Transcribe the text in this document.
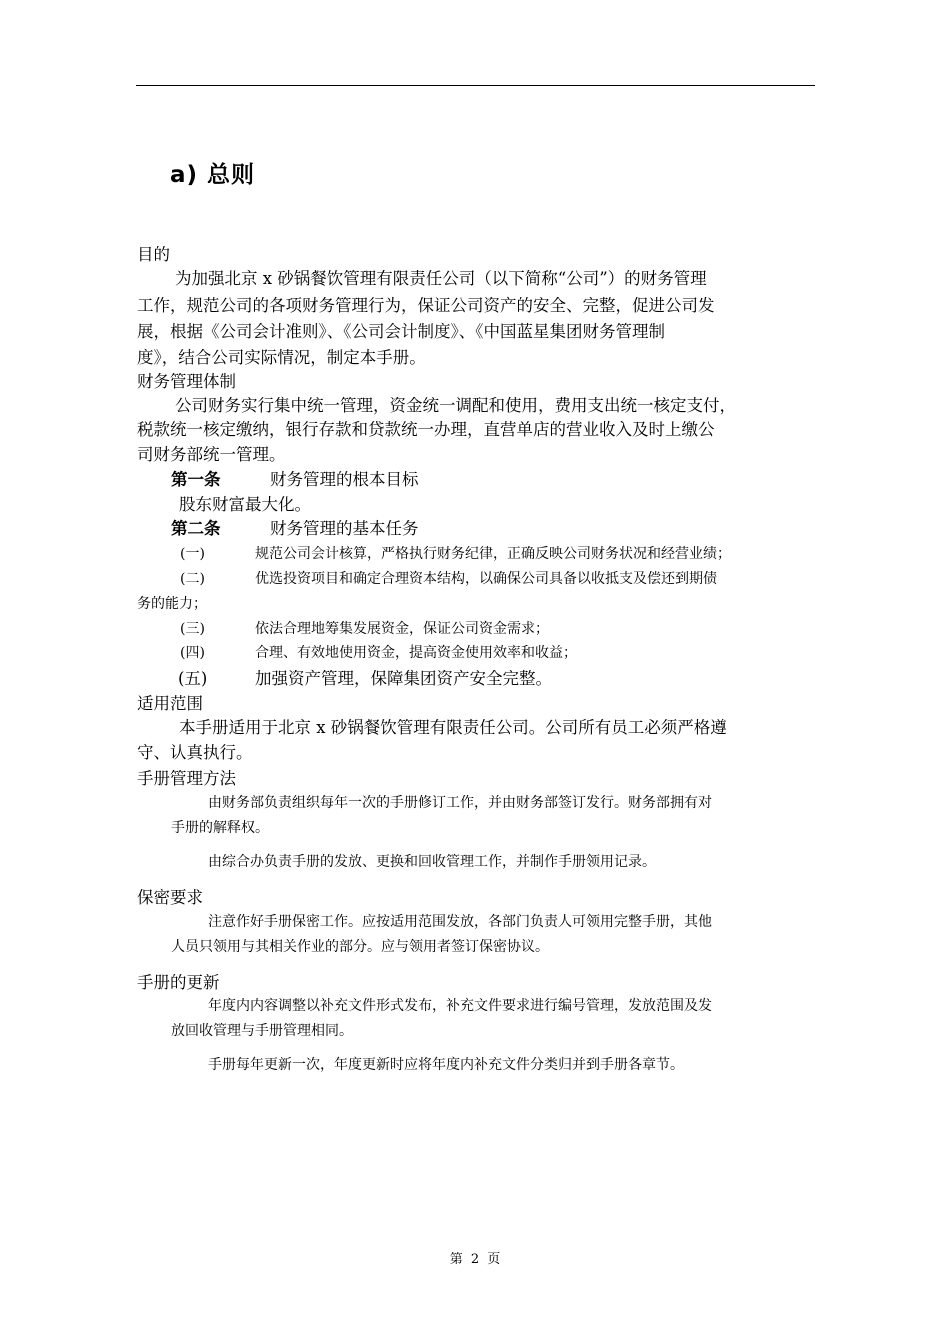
a) 总则
目的
为加强北京 x 砂锅餐饮管理有限责任公司（以下简称“公司”）的财务管理
工作，规范公司的各项财务管理行为，保证公司资产的安全、完整，促进公司发
展，根据《公司会计准则》、《公司会计制度》、《中国蓝星集团财务管理制
度》，结合公司实际情况，制定本手册。
财务管理体制
公司财务实行集中统一管理，资金统一调配和使用，费用支出统一核定支付，
税款统一核定缴纳，银行存款和贷款统一办理，直营单店的营业收入及时上缴公
司财务部统一管理。
第一条	财务管理的根本目标
股东财富最大化。
第二条	财务管理的基本任务
(一)	规范公司会计核算，严格执行财务纪律，正确反映公司财务状况和经营业绩；
(二)	优选投资项目和确定合理资本结构，以确保公司具备以收抵支及偿还到期债
务的能力；
(三)	依法合理地筹集发展资金，保证公司资金需求；
(四)	合理、有效地使用资金，提高资金使用效率和收益；
(五)	加强资产管理，保障集团资产安全完整。
适用范围
本手册适用于北京 x 砂锅餐饮管理有限责任公司。公司所有员工必须严格遵
守、认真执行。
手册管理方法
由财务部负责组织每年一次的手册修订工作，并由财务部签订发行。财务部拥有对
手册的解释权。
由综合办负责手册的发放、更换和回收管理工作，并制作手册领用记录。
保密要求
注意作好手册保密工作。应按适用范围发放，各部门负责人可领用完整手册，其他
人员只领用与其相关作业的部分。应与领用者签订保密协议。
手册的更新
年度内内容调整以补充文件形式发布，补充文件要求进行编号管理，发放范围及发
放回收管理与手册管理相同。
手册每年更新一次，年度更新时应将年度内补充文件分类归并到手册各章节。
第 2 页
